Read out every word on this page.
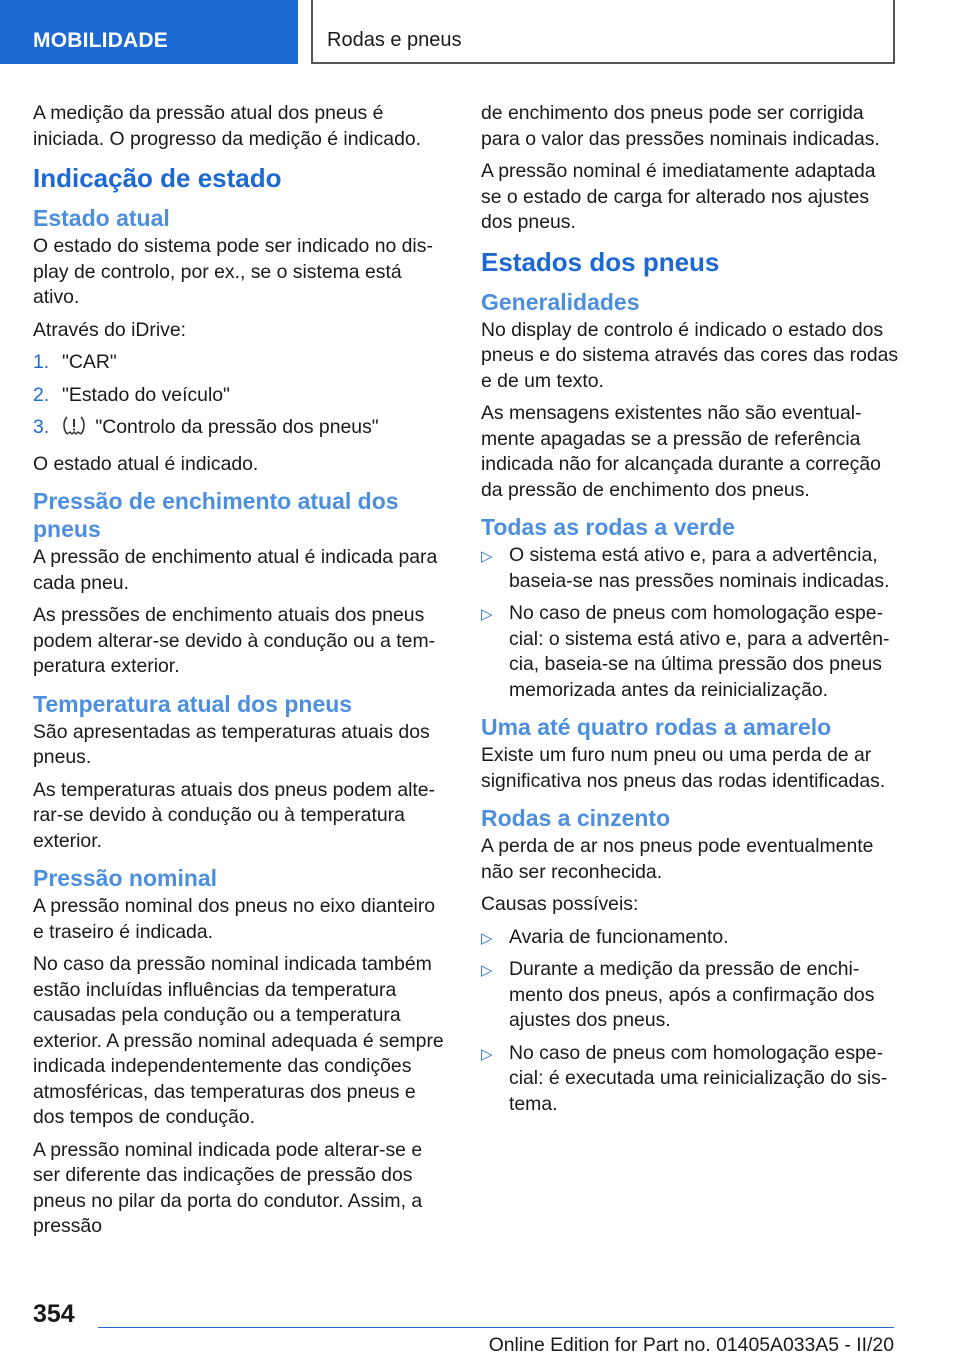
MOBILIDADE	Rodas e pneus

A medição da pressão atual dos pneus é iniciada. O progresso da medição é indicado.

Indicação de estado
Estado atual

O estado do sistema pode ser indicado no display de controlo, por ex., se o sistema está ativo.

Através do iDrive:

1. "CAR"
2. "Estado do veículo"
3. "Controlo da pressão dos pneus"

O estado atual é indicado.

Pressão de enchimento atual dos pneus

A pressão de enchimento atual é indicada para cada pneu.

As pressões de enchimento atuais dos pneus podem alterar-se devido à condução ou a temperatura exterior.

Temperatura atual dos pneus

São apresentadas as temperaturas atuais dos pneus.

As temperaturas atuais dos pneus podem alterar-se devido à condução ou à temperatura exterior.

Pressão nominal

A pressão nominal dos pneus no eixo dianteiro e traseiro é indicada.

No caso da pressão nominal indicada também estão incluídas influências da temperatura causadas pela condução ou a temperatura exterior. A pressão nominal adequada é sempre indicada independentemente das condições atmosféricas, das temperaturas dos pneus e dos tempos de condução.

A pressão nominal indicada pode alterar-se e ser diferente das indicações de pressão dos pneus no pilar da porta do condutor. Assim, a pressão

de enchimento dos pneus pode ser corrigida para o valor das pressões nominais indicadas.

A pressão nominal é imediatamente adaptada se o estado de carga for alterado nos ajustes dos pneus.

Estados dos pneus
Generalidades

No display de controlo é indicado o estado dos pneus e do sistema através das cores das rodas e de um texto.

As mensagens existentes não são eventualmente apagadas se a pressão de referência indicada não for alcançada durante a correção da pressão de enchimento dos pneus.

Todas as rodas a verde
▷ O sistema está ativo e, para a advertência, baseia-se nas pressões nominais indicadas.
▷ No caso de pneus com homologação especial: o sistema está ativo e, para a advertência, baseia-se na última pressão dos pneus memorizada antes da reinicialização.
Uma até quatro rodas a amarelo

Existe um furo num pneu ou uma perda de ar significativa nos pneus das rodas identificadas.

Rodas a cinzento

A perda de ar nos pneus pode eventualmente não ser reconhecida.

Causas possíveis:

▷ Avaria de funcionamento.
▷ Durante a medição da pressão de enchimento dos pneus, após a confirmação dos ajustes dos pneus.
▷ No caso de pneus com homologação especial: é executada uma reinicialização do sistema.
354
Online Edition for Part no. 01405A033A5 - II/20
